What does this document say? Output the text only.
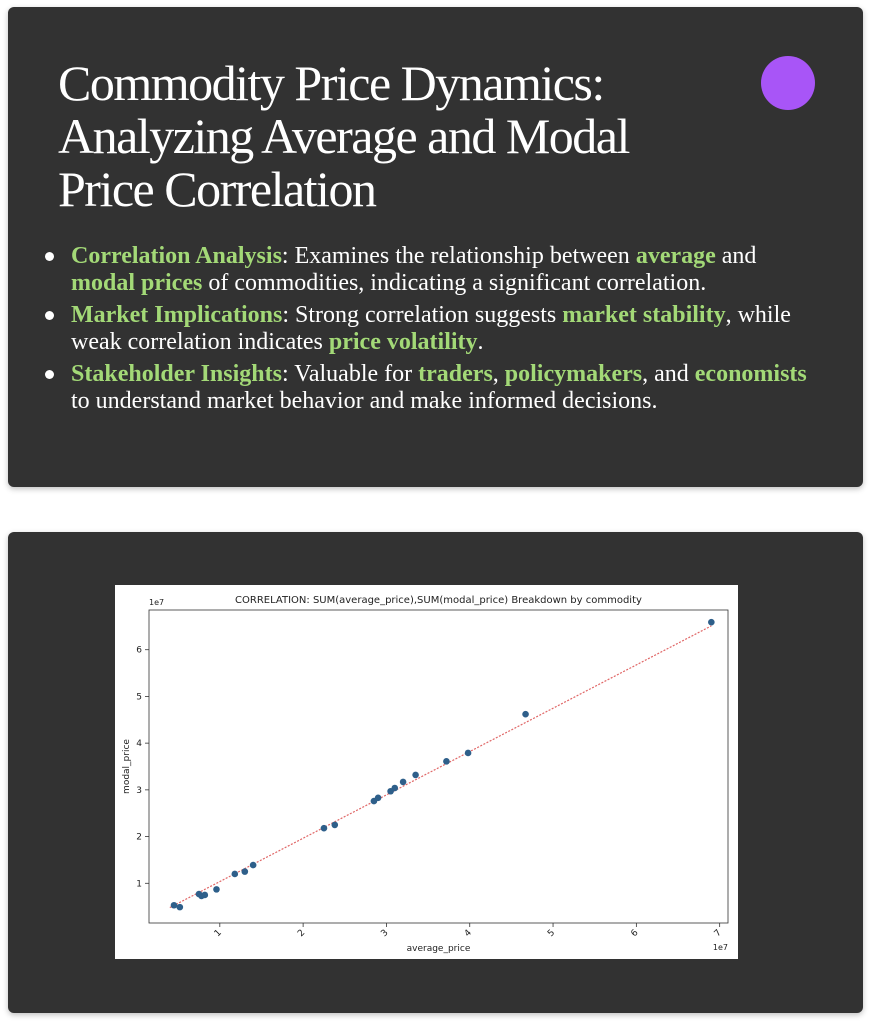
Commodity Price Dynamics: Analyzing Average and Modal Price Correlation
Correlation Analysis: Examines the relationship between average and modal prices of commodities, indicating a significant correlation.
Market Implications: Strong correlation suggests market stability, while weak correlation indicates price volatility.
Stakeholder Insights: Valuable for traders, policymakers, and economists to understand market behavior and make informed decisions.
CORRELATION: SUM(average_price),SUM(modal_price) Breakdown by commodity
1e7
1e7
1
2
3
4
5
6
1	2	3	4	5	6	7
average_price
modal_price
